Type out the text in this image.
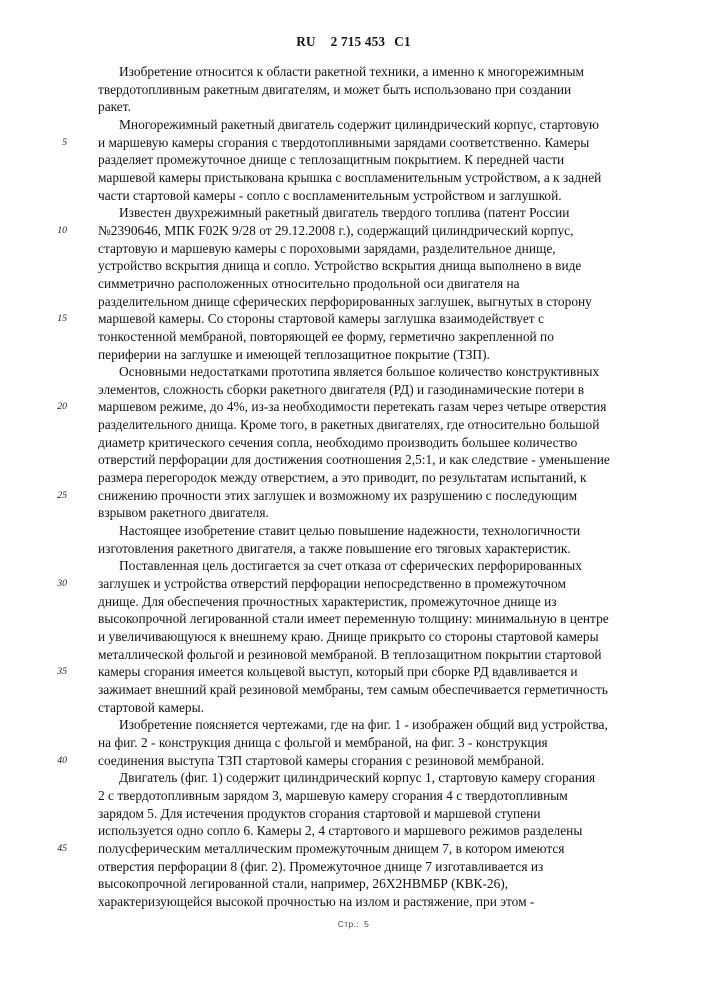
RU 2 715 453 C1
Изобретение относится к области ракетной техники, а именно к многорежимным
твердотопливным ракетным двигателям, и может быть использовано при создании
ракет.
Многорежимный ракетный двигатель содержит цилиндрический корпус, стартовую
5 и маршевую камеры сгорания с твердотопливными зарядами соответственно. Камеры
разделяет промежуточное днище с теплозащитным покрытием. К передней части
маршевой камеры пристыкована крышка с воспламенительным устройством, а к задней
части стартовой камеры - сопло с воспламенительным устройством и заглушкой.
Известен двухрежимный ракетный двигатель твердого топлива (патент России
10 №2390646, МПК F02K 9/28 от 29.12.2008 г.), содержащий цилиндрический корпус,
стартовую и маршевую камеры с пороховыми зарядами, разделительное днище,
устройство вскрытия днища и сопло. Устройство вскрытия днища выполнено в виде
симметрично расположенных относительно продольной оси двигателя на
разделительном днище сферических перфорированных заглушек, выгнутых в сторону
15 маршевой камеры. Со стороны стартовой камеры заглушка взаимодействует с
тонкостенной мембраной, повторяющей ее форму, герметично закрепленной по
периферии на заглушке и имеющей теплозащитное покрытие (ТЗП).
Основными недостатками прототипа является большое количество конструктивных
элементов, сложность сборки ракетного двигателя (РД) и газодинамические потери в
20 маршевом режиме, до 4%, из-за необходимости перетекать газам через четыре отверстия
разделительного днища. Кроме того, в ракетных двигателях, где относительно большой
диаметр критического сечения сопла, необходимо производить большее количество
отверстий перфорации для достижения соотношения 2,5:1, и как следствие - уменьшение
размера перегородок между отверстием, а это приводит, по результатам испытаний, к
25 снижению прочности этих заглушек и возможному их разрушению с последующим
взрывом ракетного двигателя.
Настоящее изобретение ставит целью повышение надежности, технологичности
изготовления ракетного двигателя, а также повышение его тяговых характеристик.
Поставленная цель достигается за счет отказа от сферических перфорированных
30 заглушек и устройства отверстий перфорации непосредственно в промежуточном
днище. Для обеспечения прочностных характеристик, промежуточное днище из
высокопрочной легированной стали имеет переменную толщину: минимальную в центре
и увеличивающуюся к внешнему краю. Днище прикрыто со стороны стартовой камеры
металлической фольгой и резиновой мембраной. В теплозащитном покрытии стартовой
35 камеры сгорания имеется кольцевой выступ, который при сборке РД вдавливается и
зажимает внешний край резиновой мембраны, тем самым обеспечивается герметичность
стартовой камеры.
Изобретение поясняется чертежами, где на фиг. 1 - изображен общий вид устройства,
на фиг. 2 - конструкция днища с фольгой и мембраной, на фиг. 3 - конструкция
40 соединения выступа ТЗП стартовой камеры сгорания с резиновой мембраной.
Двигатель (фиг. 1) содержит цилиндрический корпус 1, стартовую камеру сгорания
2 с твердотопливным зарядом 3, маршевую камеру сгорания 4 с твердотопливным
зарядом 5. Для истечения продуктов сгорания стартовой и маршевой ступени
используется одно сопло 6. Камеры 2, 4 стартового и маршевого режимов разделены
45 полусферическим металлическим промежуточным днищем 7, в котором имеются
отверстия перфорации 8 (фиг. 2). Промежуточное днище 7 изготавливается из
высокопрочной легированной стали, например, 26Х2НВМБР (КВК-26),
характеризующейся высокой прочностью на излом и растяжение, при этом -
Стр.: 5
